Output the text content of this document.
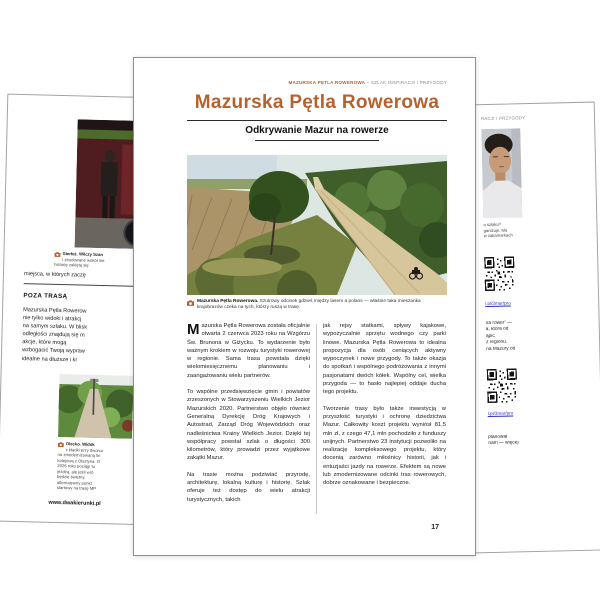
Gierłoż. Wilczy Szan
i zbudowane wokół nie
historię zaklętą się
miejsca, w których zaczę
POZA TRASĄ
Mazurska Pętla Rowerow
nie tylko widoki i atrakcj
na samym szlaku. W blisk
odległości znajdują się m
akcje, które mogą
wzbogacić Twoją wypraw
idealne na dłuższe i kr
Olecko. Widok
z kładki przy dworcu
na zmodernizowaną lin
kolejową z Olsztyna. O
2026 roku pociągi tu
jeżdżą, ale jeśli wró
będzie świetny,
alternatywny punkt
startowy na trasę MP
www.dwakierunki.pl
RACJI I PRZYGODY
o szlaku?
ganizuje. Ma
w zakamarkach
l.pl/3mar/pro
na rower” —
a, która od
ąpić
z regionu.
na Mazury od
l.pl/3mar/pro
planował
nam — więcej
MAZURSKA PĘTLA ROWEROWA – SZLAK INSPIRACJI I PRZYGODY
Mazurska Pętla Rowerowa
Odkrywanie Mazur na rowerze
Mazurska Pętla Rowerowa. Szutrowy odcinek gdzieś między lasem a polami — właśnie taka mieszanka krajobrazów czeka na tych, którzy ruszą w trasę.

Mazurska Pętla Rowerowa została oficjalnie otwarta 2 czerwca 2023 roku na Wzgórzu Św. Brunona w Giżycku. To wydarzenie było ważnym krokiem w rozwoju turystyki rowerowej w regionie. Sama trasa powstała dzięki wielomiesięcznemu planowaniu i zaangażowaniu wielu partnerów.

To wspólne przedsięwzięcie gmin i powiatów zrzeszonych w Stowarzyszeniu Wielkich Jezior Mazurskich 2020. Partnerstwo objęło również Generalną Dyrekcję Dróg Krajowych i Autostrad, Zarząd Dróg Wojewódzkich oraz nadleśnictwa Krainy Wielkich Jezior. Dzięki tej współpracy powstał szlak o długości 300 kilometrów, który prowadzi przez wyjątkowe zakątki Mazur.

Na trasie można podziwiać przyrodę, architekturę, lokalną kulturę i historię. Szlak oferuje też dostęp do wielu atrakcji turystycznych, takich

jak rejsy statkami, spływy kajakowe, wypożyczalnie sprzętu wodnego czy parki linowe. Mazurska Pętla Rowerowa to idealna propozycja dla osób ceniących aktywny wypoczynek i nowe przygody. To także okazja do spotkań i wspólnego podróżowania z innymi pasjonatami dwóch kółek. Wspólny cel, wielka przygoda — to hasło najlepiej oddaje ducha tego projektu.

Tworzenie trasy było także inwestycją w przyszłość turystyki i ochronę dziedzictwa Mazur. Całkowity koszt projektu wyniósł 81,5 mln zł, z czego 47,1 mln pochodziło z funduszy unijnych. Partnerstwo 23 instytucji pozwoliło na realizację kompleksowego projektu, który docenią zarówno miłośnicy historii, jak i entuzjaści jazdy na rowerze. Efektem są nowe lub zmodernizowane odcinki tras rowerowych, dobrze oznakowane i bezpieczne.

17
